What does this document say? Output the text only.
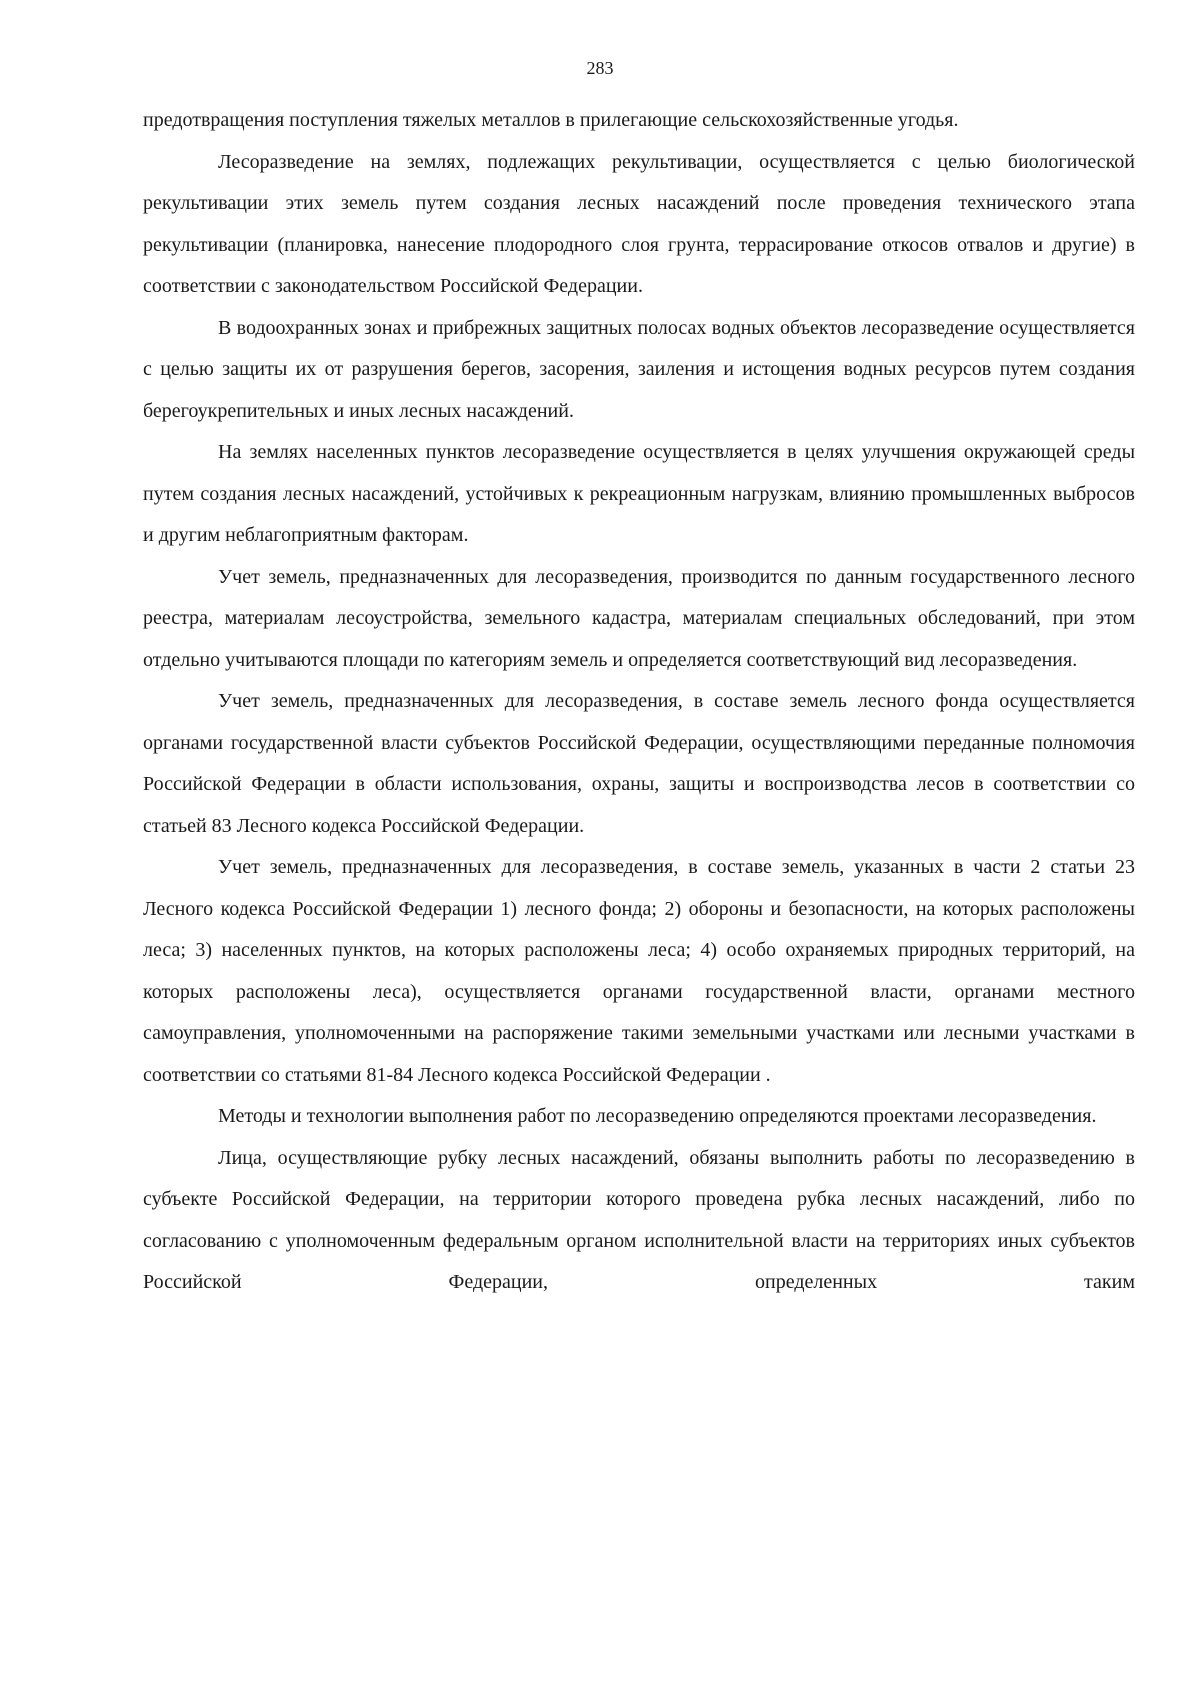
283

предотвращения поступления тяжелых металлов в прилегающие сельскохозяйственные угодья.

Лесоразведение на землях, подлежащих рекультивации, осуществляется с целью биологической рекультивации этих земель путем создания лесных насаждений после проведения технического этапа рекультивации (планировка, нанесение плодородного слоя грунта, террасирование откосов отвалов и другие) в соответствии с законодательством Российской Федерации.

В водоохранных зонах и прибрежных защитных полосах водных объектов лесоразведение осуществляется с целью защиты их от разрушения берегов, засорения, заиления и истощения водных ресурсов путем создания берегоукрепительных и иных лесных насаждений.

На землях населенных пунктов лесоразведение осуществляется в целях улучшения окружающей среды путем создания лесных насаждений, устойчивых к рекреационным нагрузкам, влиянию промышленных выбросов и другим неблагоприятным факторам.

Учет земель, предназначенных для лесоразведения, производится по данным государственного лесного реестра, материалам лесоустройства, земельного кадастра, материалам специальных обследований, при этом отдельно учитываются площади по категориям земель и определяется соответствующий вид лесоразведения.

Учет земель, предназначенных для лесоразведения, в составе земель лесного фонда осуществляется органами государственной власти субъектов Российской Федерации, осуществляющими переданные полномочия Российской Федерации в области использования, охраны, защиты и воспроизводства лесов в соответствии со статьей 83 Лесного кодекса Российской Федерации.

Учет земель, предназначенных для лесоразведения, в составе земель, указанных в части 2 статьи 23 Лесного кодекса Российской Федерации 1) лесного фонда; 2) обороны и безопасности, на которых расположены леса; 3) населенных пунктов, на которых расположены леса; 4) особо охраняемых природных территорий, на которых расположены леса), осуществляется органами государственной власти, органами местного самоуправления, уполномоченными на распоряжение такими земельными участками или лесными участками в соответствии со статьями 81-84 Лесного кодекса Российской Федерации .

Методы и технологии выполнения работ по лесоразведению определяются проектами лесоразведения.

Лица, осуществляющие рубку лесных насаждений, обязаны выполнить работы по лесоразведению в субъекте Российской Федерации, на территории которого проведена рубка лесных насаждений, либо по согласованию с уполномоченным федеральным органом исполнительной власти на территориях иных субъектов Российской Федерации, определенных таким
